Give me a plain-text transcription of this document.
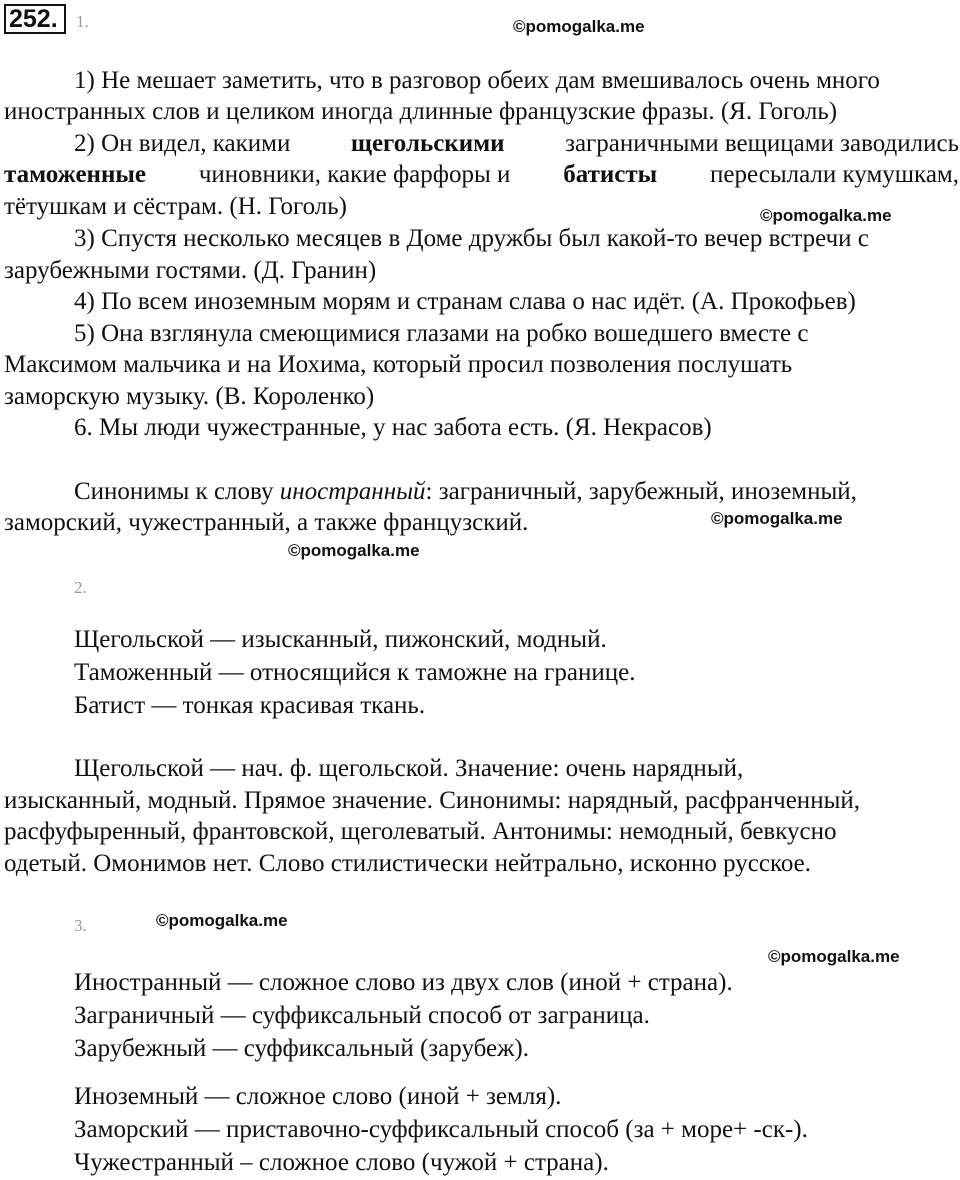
252.	1.	©pomogalka.me
1) Не мешает заметить, что в разговор обеих дам вмешивалось очень много
иностранных слов и целиком иногда длинные французские фразы. (Я. Гоголь)
2) Он видел, какими щегольскими заграничными вещицами заводились
таможенные чиновники, какие фарфоры и батисты пересылали кумушкам,
тётушкам и сёстрам. (Н. Гоголь)	©pomogalka.me
3) Спустя несколько месяцев в Доме дружбы был какой-то вечер встречи с
зарубежными гостями. (Д. Гранин)
4) По всем иноземным морям и странам слава о нас идёт. (А. Прокофьев)
5) Она взглянула смеющимися глазами на робко вошедшего вместе с
Максимом мальчика и на Иохима, который просил позволения послушать
заморскую музыку. (В. Короленко)
6. Мы люди чужестранные, у нас забота есть. (Я. Некрасов)
Синонимы к слову иностранный: заграничный, зарубежный, иноземный,
заморский, чужестранный, а также французский.	©pomogalka.me
©pomogalka.me
2.
Щегольской — изысканный, пижонский, модный.
Таможенный — относящийся к таможне на границе.
Батист — тонкая красивая ткань.
Щегольской — нач. ф. щегольской. Значение: очень нарядный,
изысканный, модный. Прямое значение. Синонимы: нарядный, расфранченный,
расфуфыренный, франтовской, щеголеватый. Антонимы: немодный, бевкусно
одетый. Омонимов нет. Слово стилистически нейтрально, исконно русское.
3.	©pomogalka.me
©pomogalka.me
Иностранный — сложное слово из двух слов (иной + страна).
Заграничный — суффиксальный способ от заграница.
Зарубежный — суффиксальный (зарубеж).
Иноземный — сложное слово (иной + земля).
Заморский — приставочно-суффиксальный способ (за + море+ -ск-).
Чужестранный – сложное слово (чужой + страна).
